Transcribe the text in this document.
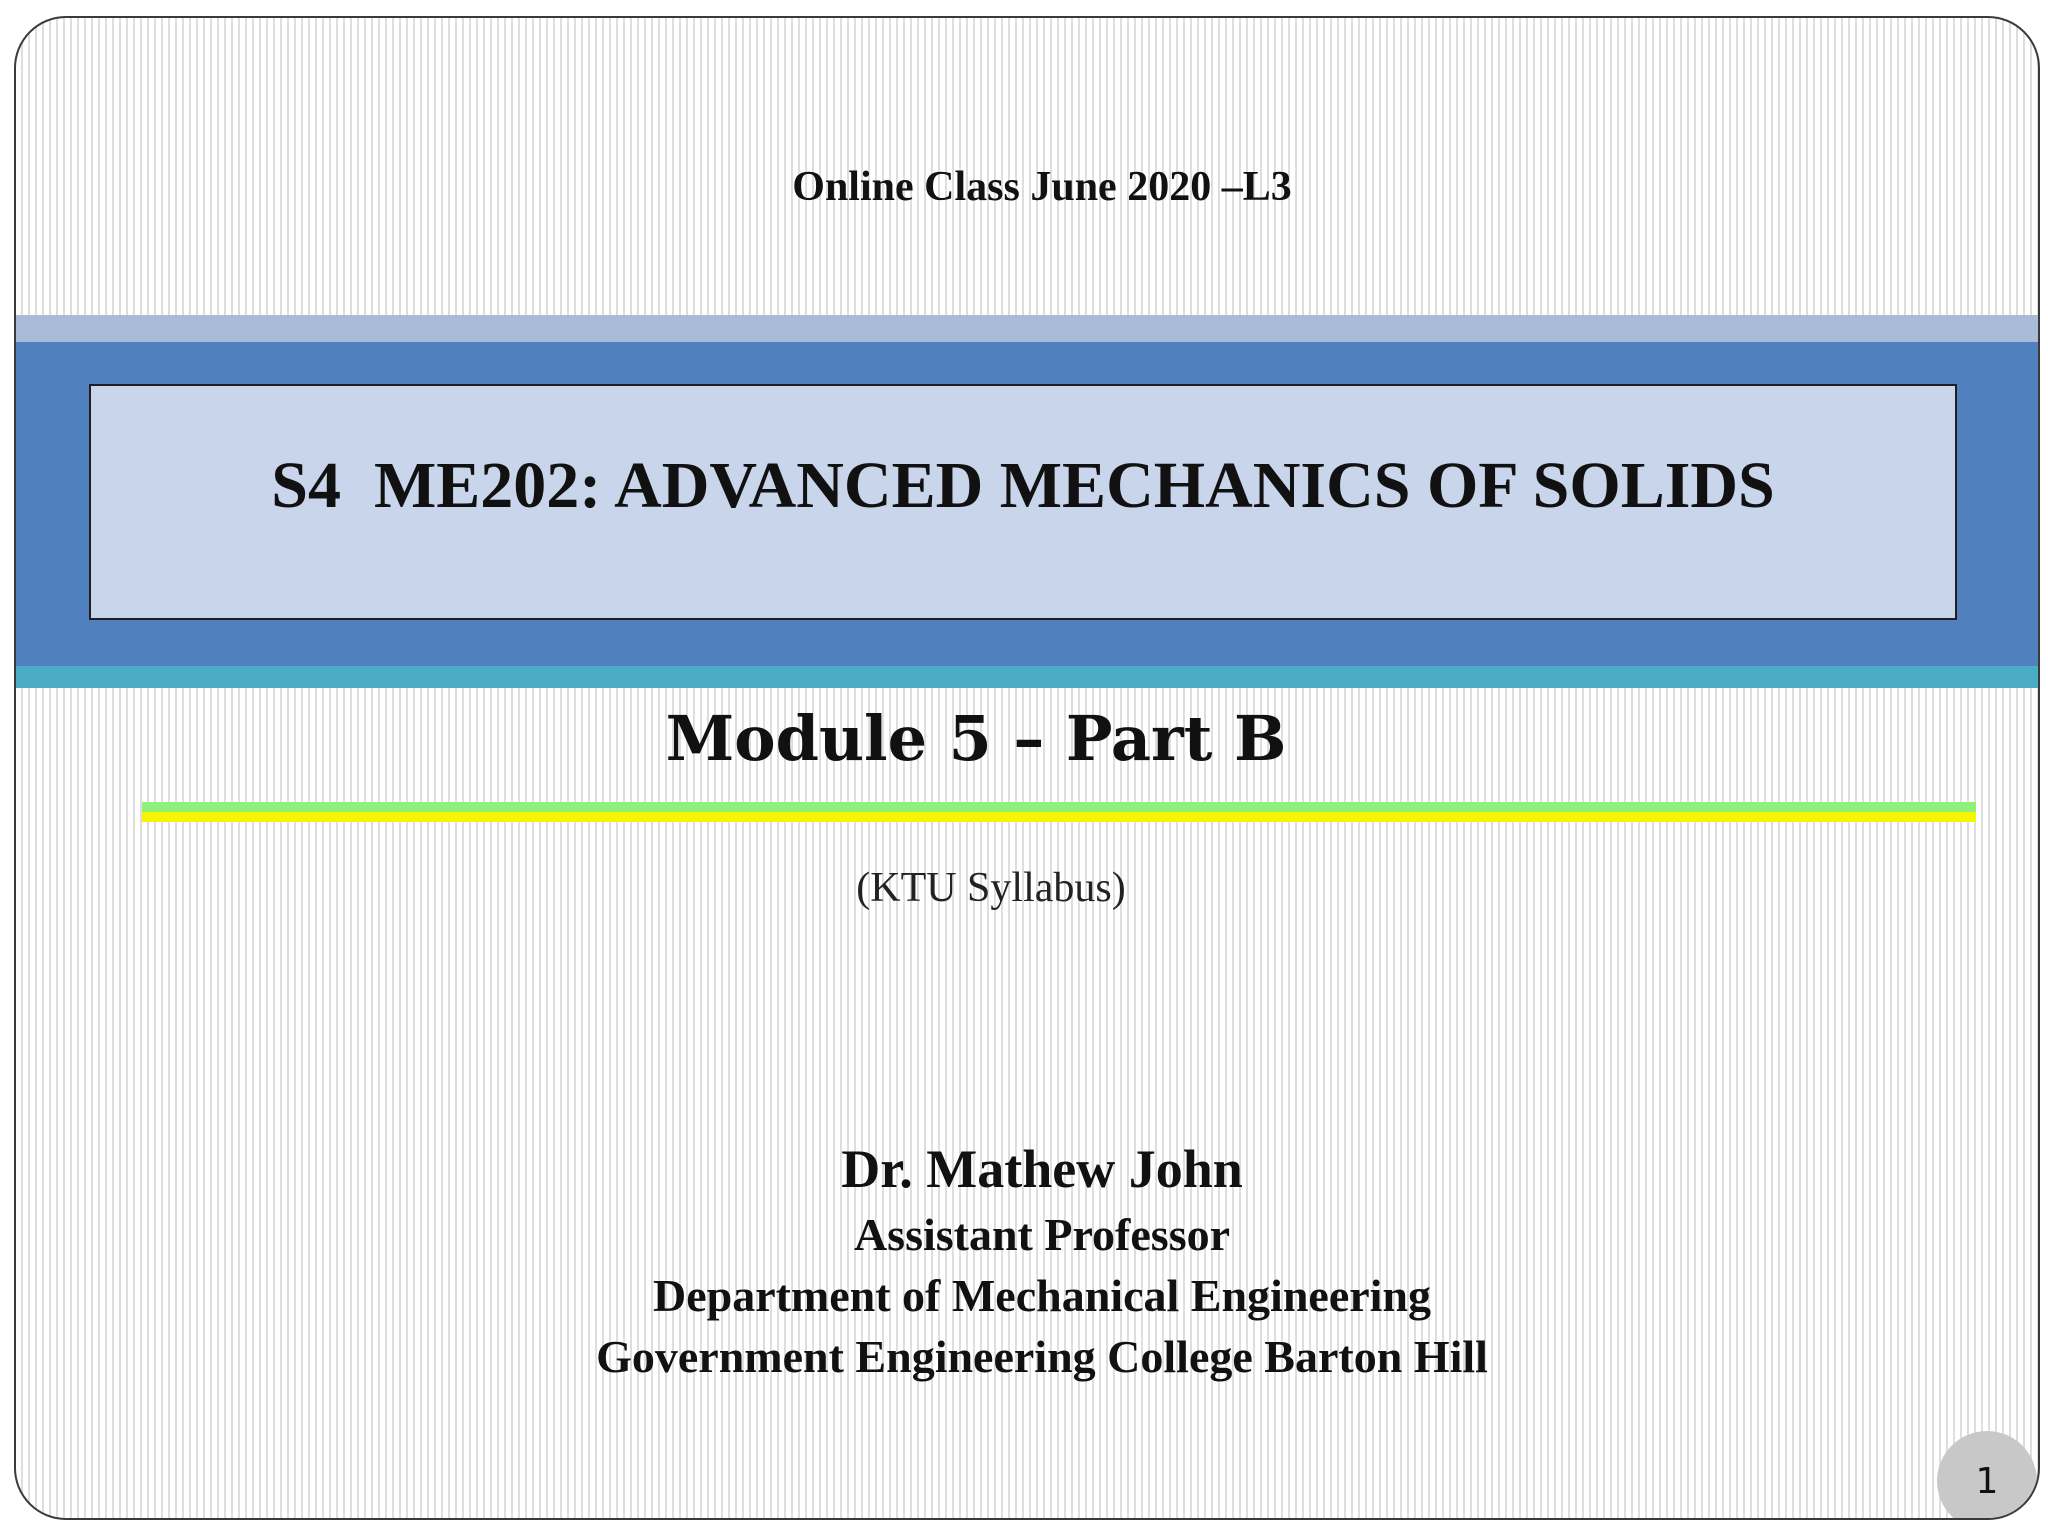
Online Class June 2020 –L3
S4  ME202: ADVANCED MECHANICS OF SOLIDS
Module 5 – Part B
(KTU Syllabus)
Dr. Mathew John
Assistant Professor
Department of Mechanical Engineering
Government Engineering College Barton Hill
1
